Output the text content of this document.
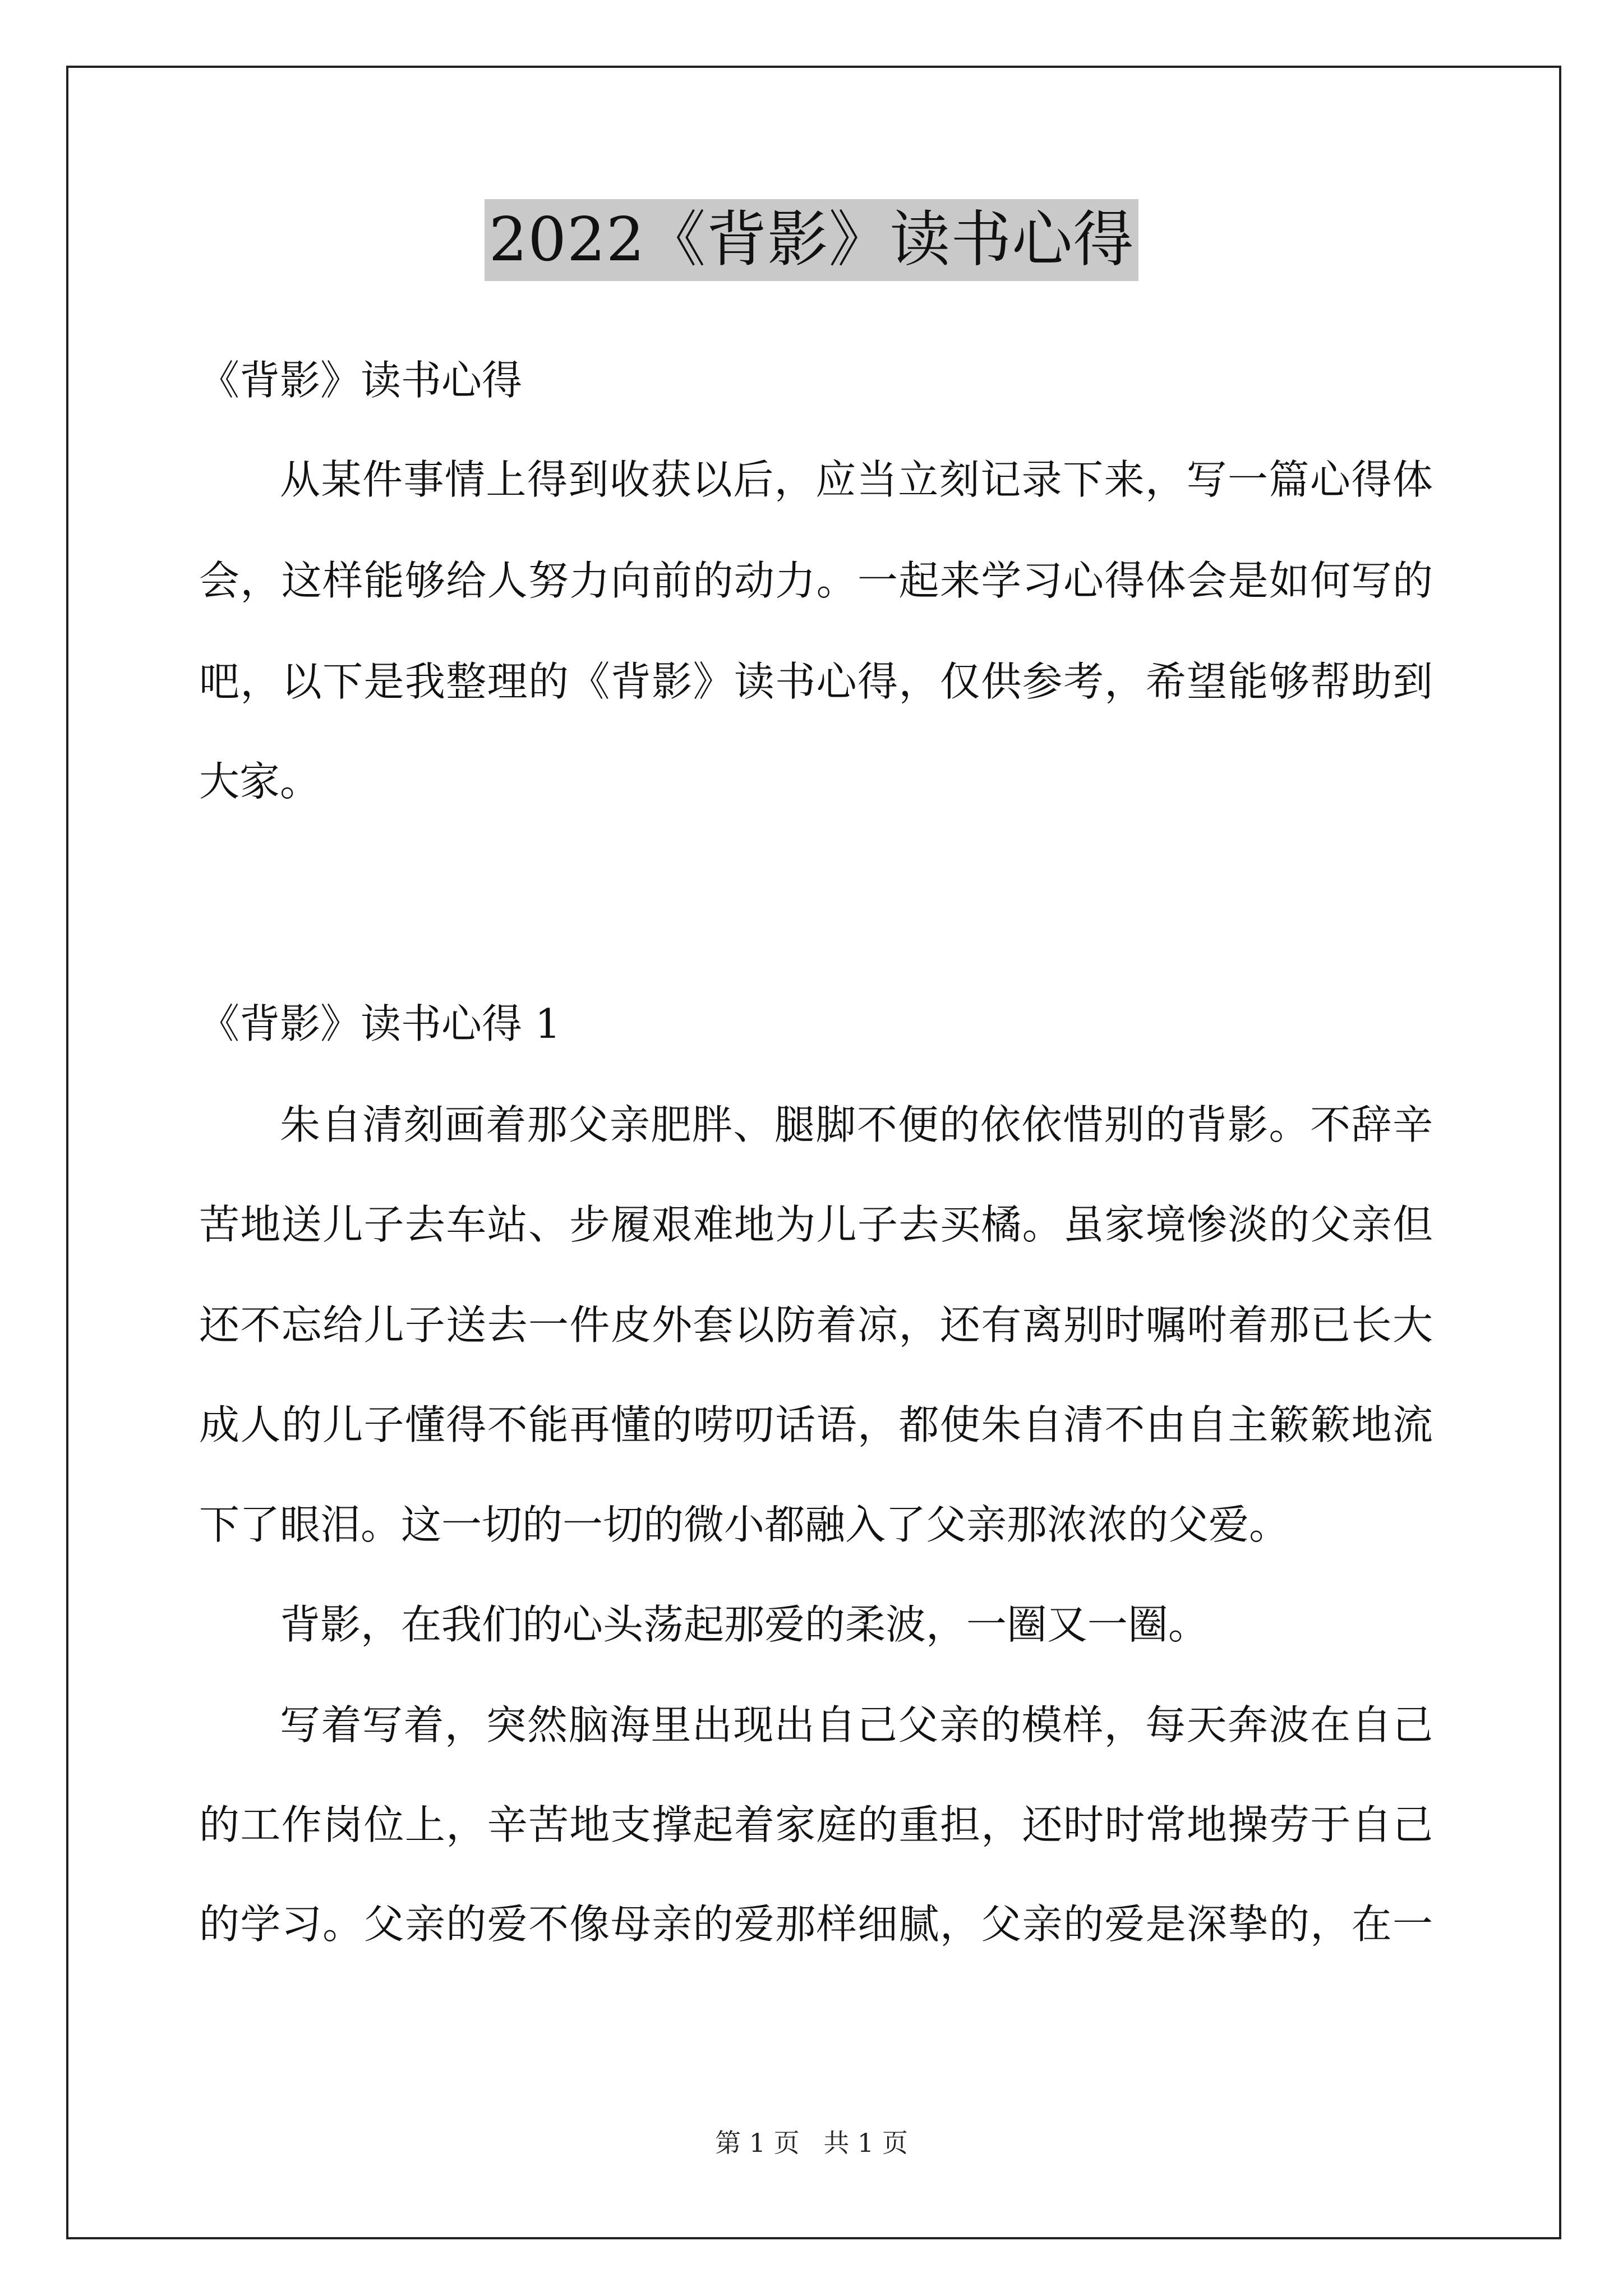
2022《背影》读书心得
《背影》读书心得
从某件事情上得到收获以后，应当立刻记录下来，写一篇心得体
会，这样能够给人努力向前的动力。一起来学习心得体会是如何写的
吧，以下是我整理的《背影》读书心得，仅供参考，希望能够帮助到
大家。
《背影》读书心得 1
朱自清刻画着那父亲肥胖、腿脚不便的依依惜别的背影。不辞辛
苦地送儿子去车站、步履艰难地为儿子去买橘。虽家境惨淡的父亲但
还不忘给儿子送去一件皮外套以防着凉，还有离别时嘱咐着那已长大
成人的儿子懂得不能再懂的唠叨话语，都使朱自清不由自主簌簌地流
下了眼泪。这一切的一切的微小都融入了父亲那浓浓的父爱。
背影，在我们的心头荡起那爱的柔波，一圈又一圈。
写着写着，突然脑海里出现出自己父亲的模样，每天奔波在自己
的工作岗位上，辛苦地支撑起着家庭的重担，还时时常地操劳于自己
的学习。父亲的爱不像母亲的爱那样细腻，父亲的爱是深挚的，在一
第 1 页 共 1 页
